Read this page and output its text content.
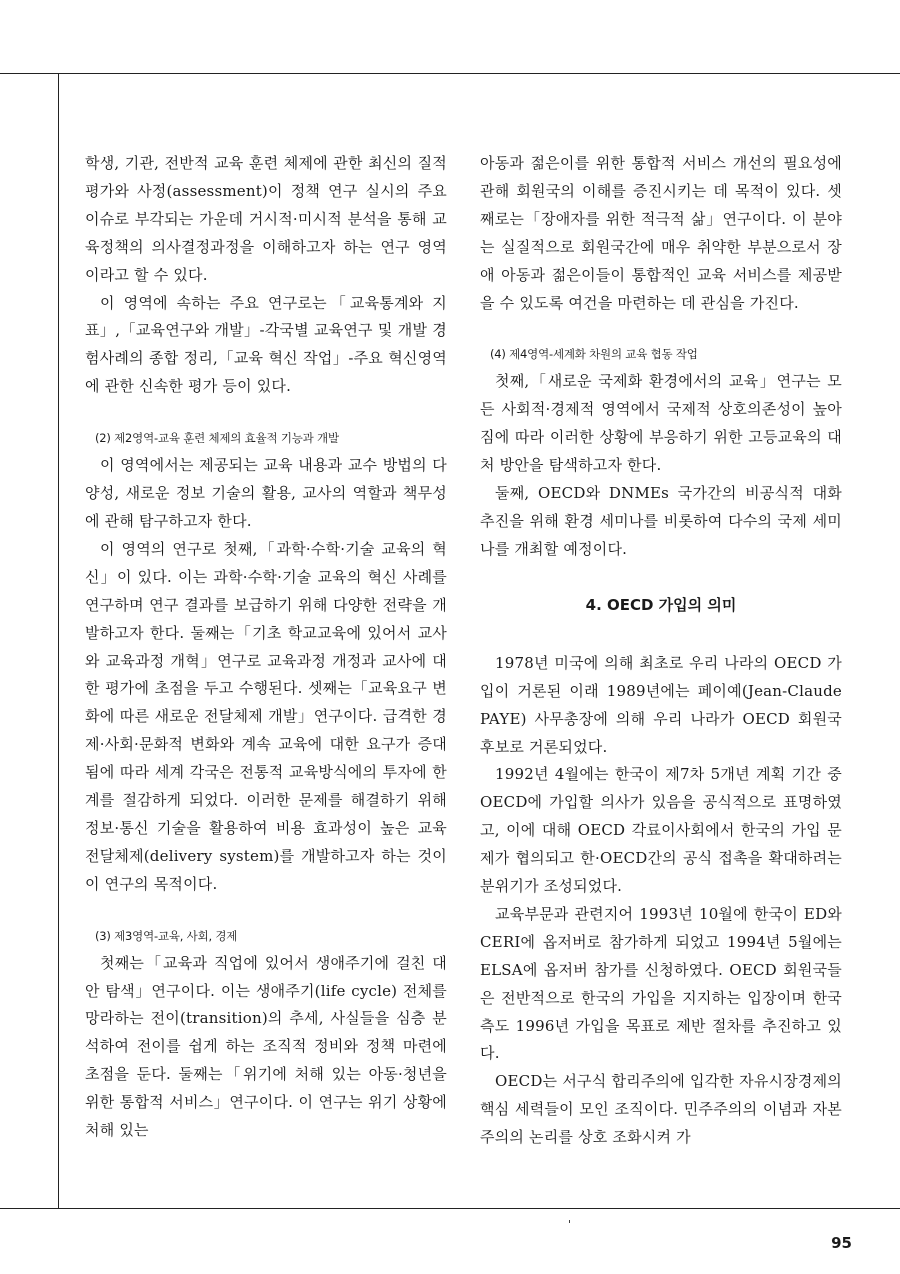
학생, 기관, 전반적 교육 훈련 체제에 관한 최신의 질적 평가와 사정(assessment)이 정책 연구 실시의 주요 이슈로 부각되는 가운데 거시적·미시적 분석을 통해 교육정책의 의사결정과정을 이해하고자 하는 연구 영역이라고 할 수 있다.

이 영역에 속하는 주요 연구로는「교육통계와 지표」,「교육연구와 개발」-각국별 교육연구 및 개발 경험사례의 종합 정리,「교육 혁신 작업」-주요 혁신영역에 관한 신속한 평가 등이 있다.

(2) 제2영역-교육 훈련 체제의 효율적 기능과 개발

이 영역에서는 제공되는 교육 내용과 교수 방법의 다양성, 새로운 정보 기술의 활용, 교사의 역할과 책무성에 관해 탐구하고자 한다.

이 영역의 연구로 첫째,「과학·수학·기술 교육의 혁신」이 있다. 이는 과학·수학·기술 교육의 혁신 사례를 연구하며 연구 결과를 보급하기 위해 다양한 전략을 개발하고자 한다. 둘째는「기초 학교교육에 있어서 교사와 교육과정 개혁」연구로 교육과정 개정과 교사에 대한 평가에 초점을 두고 수행된다. 셋째는「교육요구 변화에 따른 새로운 전달체제 개발」연구이다. 급격한 경제·사회·문화적 변화와 계속 교육에 대한 요구가 증대됨에 따라 세계 각국은 전통적 교육방식에의 투자에 한계를 절감하게 되었다. 이러한 문제를 해결하기 위해 정보·통신 기술을 활용하여 비용 효과성이 높은 교육 전달체제(delivery system)를 개발하고자 하는 것이 이 연구의 목적이다.

(3) 제3영역-교육, 사회, 경제

첫째는「교육과 직업에 있어서 생애주기에 걸친 대안 탐색」연구이다. 이는 생애주기(life cycle) 전체를 망라하는 전이(transition)의 추세, 사실들을 심층 분석하여 전이를 쉽게 하는 조직적 정비와 정책 마련에 초점을 둔다. 둘째는「위기에 처해 있는 아동·청년을 위한 통합적 서비스」연구이다. 이 연구는 위기 상황에 처해 있는

아동과 젊은이를 위한 통합적 서비스 개선의 필요성에 관해 회원국의 이해를 증진시키는 데 목적이 있다. 셋째로는「장애자를 위한 적극적 삶」연구이다. 이 분야는 실질적으로 회원국간에 매우 취약한 부분으로서 장애 아동과 젊은이들이 통합적인 교육 서비스를 제공받을 수 있도록 여건을 마련하는 데 관심을 가진다.

(4) 제4영역-세계화 차원의 교육 협동 작업

첫째,「새로운 국제화 환경에서의 교육」연구는 모든 사회적·경제적 영역에서 국제적 상호의존성이 높아짐에 따라 이러한 상황에 부응하기 위한 고등교육의 대처 방안을 탐색하고자 한다.

둘째, OECD와 DNMEs 국가간의 비공식적 대화 추진을 위해 환경 세미나를 비롯하여 다수의 국제 세미나를 개최할 예정이다.

4. OECD 가입의 의미

1978년 미국에 의해 최초로 우리 나라의 OECD 가입이 거론된 이래 1989년에는 페이예(Jean-Claude PAYE) 사무총장에 의해 우리 나라가 OECD 회원국 후보로 거론되었다.

1992년 4월에는 한국이 제7차 5개년 계획 기간 중 OECD에 가입할 의사가 있음을 공식적으로 표명하였고, 이에 대해 OECD 각료이사회에서 한국의 가입 문제가 협의되고 한·OECD간의 공식 접촉을 확대하려는 분위기가 조성되었다.

교육부문과 관련지어 1993년 10월에 한국이 ED와 CERI에 옵저버로 참가하게 되었고 1994년 5월에는 ELSA에 옵저버 참가를 신청하였다. OECD 회원국들은 전반적으로 한국의 가입을 지지하는 입장이며 한국측도 1996년 가입을 목표로 제반 절차를 추진하고 있다.

OECD는 서구식 합리주의에 입각한 자유시장경제의 핵심 세력들이 모인 조직이다. 민주주의의 이념과 자본주의의 논리를 상호 조화시켜 가

'
95
